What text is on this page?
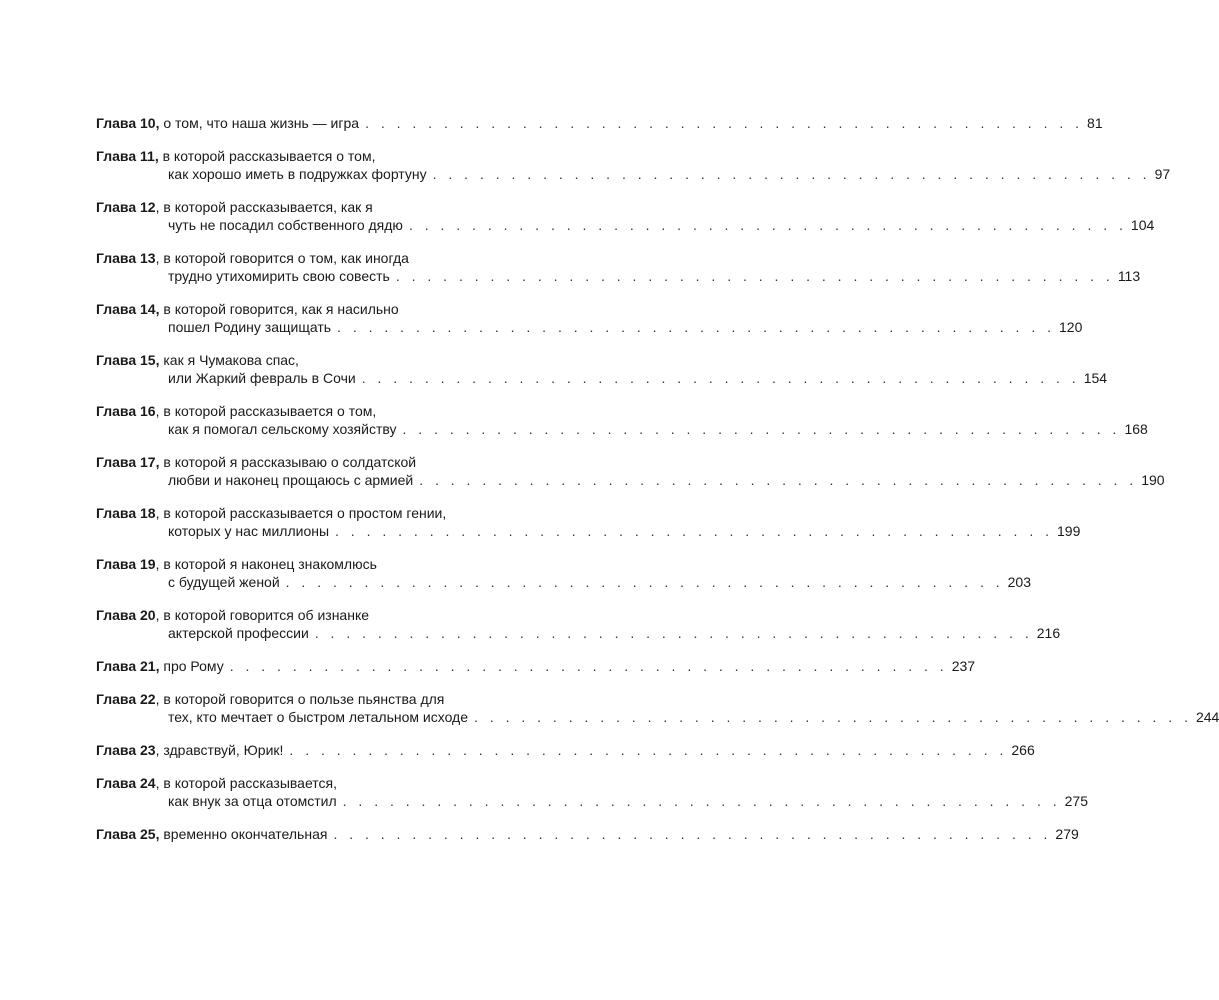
Глава 10, о том, что наша жизнь — игра . . . . . . . . . . . . . . . . . . . . . . . . . . . . . . . . . . . . . . . . . . . . . . 81
Глава 11, в которой рассказывается о том,
как хорошо иметь в подружках фортуну . . . . . . . . . . . . . . . . . . . . . . . . . . . . . . . . . . . . . . . . . . . . . . 97
Глава 12, в которой рассказывается, как я
чуть не посадил собственного дядю . . . . . . . . . . . . . . . . . . . . . . . . . . . . . . . . . . . . . . . . . . . . . . 104
Глава 13, в которой говорится о том, как иногда
трудно утихомирить свою совесть . . . . . . . . . . . . . . . . . . . . . . . . . . . . . . . . . . . . . . . . . . . . . . 113
Глава 14, в которой говорится, как я насильно
пошел Родину защищать . . . . . . . . . . . . . . . . . . . . . . . . . . . . . . . . . . . . . . . . . . . . . . 120
Глава 15, как я Чумакова спас,
или Жаркий февраль в Сочи . . . . . . . . . . . . . . . . . . . . . . . . . . . . . . . . . . . . . . . . . . . . . . 154
Глава 16, в которой рассказывается о том,
как я помогал сельскому хозяйству . . . . . . . . . . . . . . . . . . . . . . . . . . . . . . . . . . . . . . . . . . . . . . 168
Глава 17, в которой я рассказываю о солдатской
любви и наконец прощаюсь с армией . . . . . . . . . . . . . . . . . . . . . . . . . . . . . . . . . . . . . . . . . . . . . . 190
Глава 18, в которой рассказывается о простом гении,
которых у нас миллионы . . . . . . . . . . . . . . . . . . . . . . . . . . . . . . . . . . . . . . . . . . . . . . 199
Глава 19, в которой я наконец знакомлюсь
с будущей женой . . . . . . . . . . . . . . . . . . . . . . . . . . . . . . . . . . . . . . . . . . . . . . 203
Глава 20, в которой говорится об изнанке
актерской профессии . . . . . . . . . . . . . . . . . . . . . . . . . . . . . . . . . . . . . . . . . . . . . . 216
Глава 21, про Рому . . . . . . . . . . . . . . . . . . . . . . . . . . . . . . . . . . . . . . . . . . . . . . 237
Глава 22, в которой говорится о пользе пьянства для
тех, кто мечтает о быстром летальном исходе . . . . . . . . . . . . . . . . . . . . . . . . . . . . . . . . . . . . . . . . . . . . . . 244
Глава 23, здравствуй, Юрик! . . . . . . . . . . . . . . . . . . . . . . . . . . . . . . . . . . . . . . . . . . . . . . 266
Глава 24, в которой рассказывается,
как внук за отца отомстил . . . . . . . . . . . . . . . . . . . . . . . . . . . . . . . . . . . . . . . . . . . . . . 275
Глава 25, временно окончательная . . . . . . . . . . . . . . . . . . . . . . . . . . . . . . . . . . . . . . . . . . . . . . 279
